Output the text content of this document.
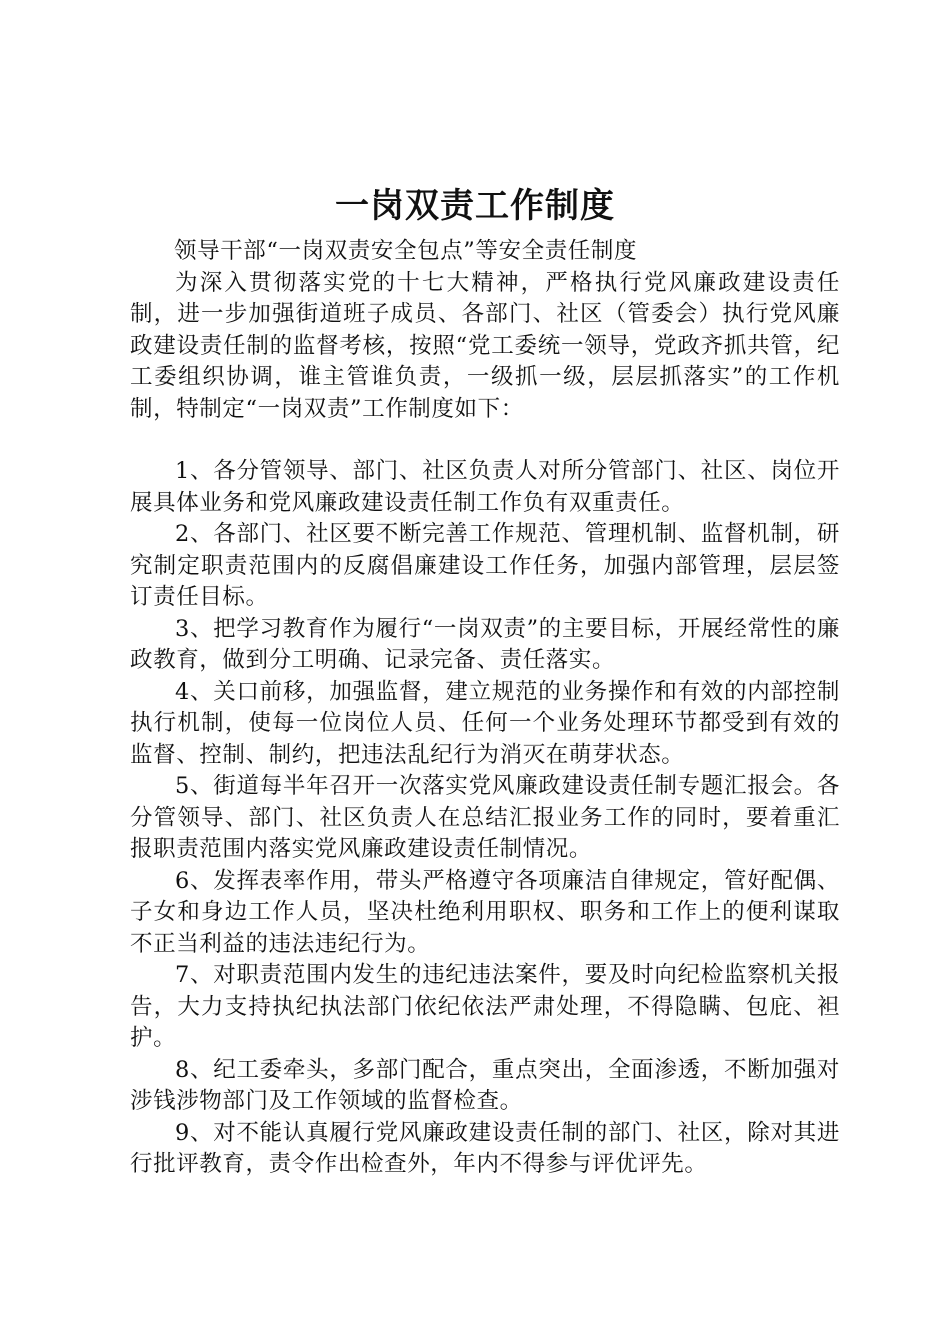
一岗双责工作制度

领导干部“一岗双责安全包点”等安全责任制度

为深入贯彻落实党的十七大精神，严格执行党风廉政建设责任制，进一步加强街道班子成员、各部门、社区（管委会）执行党风廉政建设责任制的监督考核，按照“党工委统一领导，党政齐抓共管，纪工委组织协调，谁主管谁负责，一级抓一级，层层抓落实”的工作机制，特制定“一岗双责”工作制度如下：

1、各分管领导、部门、社区负责人对所分管部门、社区、岗位开展具体业务和党风廉政建设责任制工作负有双重责任。

2、各部门、社区要不断完善工作规范、管理机制、监督机制，研究制定职责范围内的反腐倡廉建设工作任务，加强内部管理，层层签订责任目标。

3、把学习教育作为履行“一岗双责”的主要目标，开展经常性的廉政教育，做到分工明确、记录完备、责任落实。

4、关口前移，加强监督，建立规范的业务操作和有效的内部控制执行机制，使每一位岗位人员、任何一个业务处理环节都受到有效的监督、控制、制约，把违法乱纪行为消灭在萌芽状态。

5、街道每半年召开一次落实党风廉政建设责任制专题汇报会。各分管领导、部门、社区负责人在总结汇报业务工作的同时，要着重汇报职责范围内落实党风廉政建设责任制情况。

6、发挥表率作用，带头严格遵守各项廉洁自律规定，管好配偶、子女和身边工作人员，坚决杜绝利用职权、职务和工作上的便利谋取不正当利益的违法违纪行为。

7、对职责范围内发生的违纪违法案件，要及时向纪检监察机关报告，大力支持执纪执法部门依纪依法严肃处理，不得隐瞒、包庇、袒护。

8、纪工委牵头，多部门配合，重点突出，全面渗透，不断加强对涉钱涉物部门及工作领域的监督检查。

9、对不能认真履行党风廉政建设责任制的部门、社区，除对其进行批评教育，责令作出检查外，年内不得参与评优评先。
